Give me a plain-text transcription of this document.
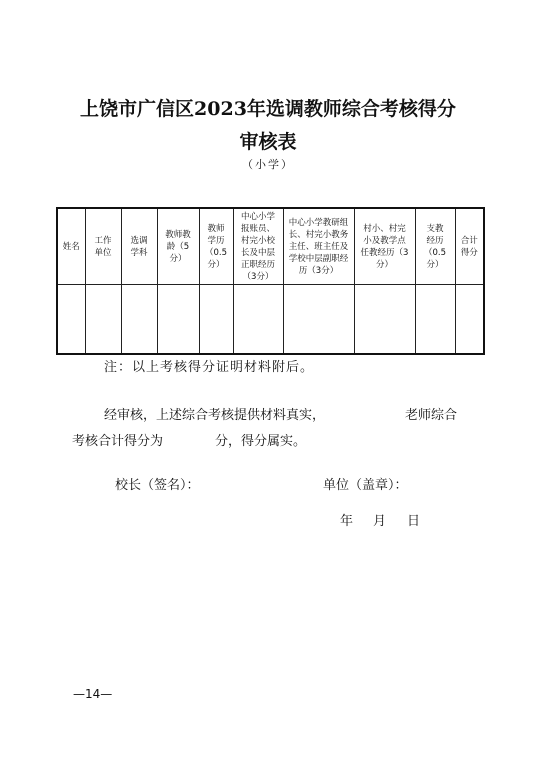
上饶市广信区2023年选调教师综合考核得分
审核表
（小学）
姓名	工作单位	选调学科	教师教龄（5分）	教师学历（0.5分）	中心小学报账员、村完小校长及中层正职经历（3分）	中心小学教研组长、村完小教务主任、班主任及学校中层副职经历（3分）	村小、村完小及教学点任教经历（3分）	支教经历（0.5分）	合计得分

注：以上考核得分证明材料附后。
经审核，上述综合考核提供材料真实，	老师综合
考核合计得分为	分，得分属实。
校长（签名）：	单位（盖章）：
年 月 日
—14—
